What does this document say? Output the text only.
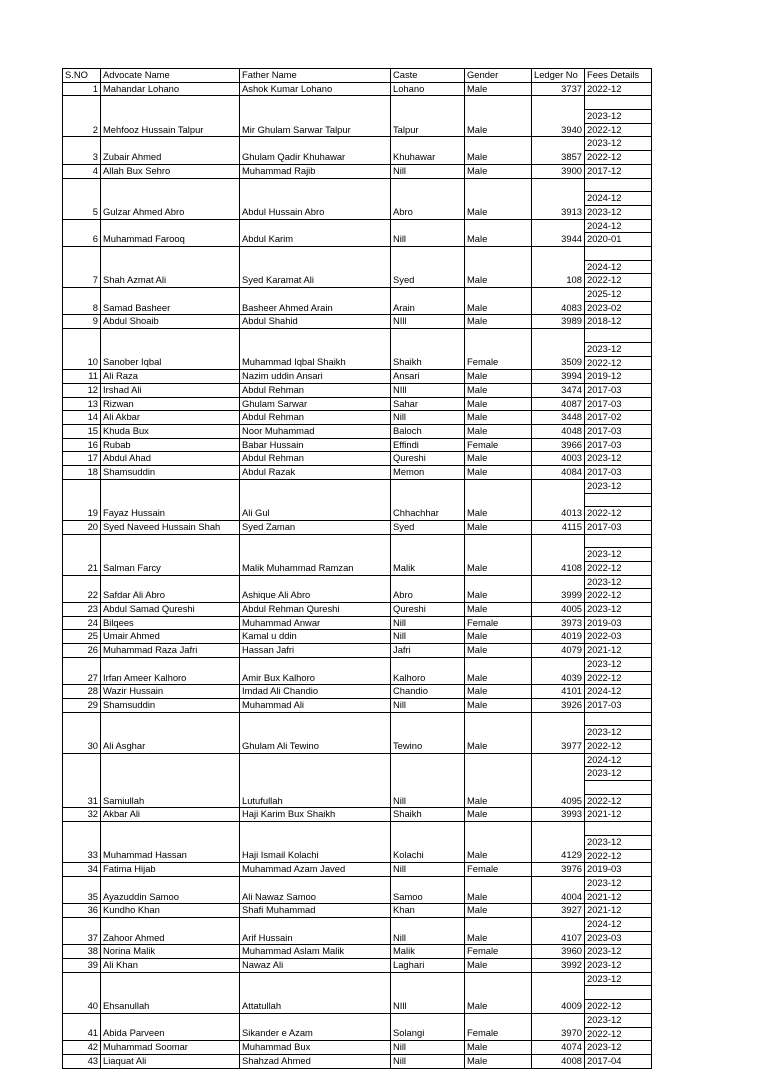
S.NO	Advocate Name	Father Name	Caste	Gender	Ledger No	Fees Details
1	Mahandar Lohano	Ashok Kumar Lohano	Lohano	Male	3737	2022-12

2	Mehfooz Hussain Talpur	Mir Ghulam Sarwar Talpur	Talpur	Male	3940	2023-12
2022-12

3	Zubair Ahmed	Ghulam Qadir Khuhawar	Khuhawar	Male	3857	2023-12
2022-12

4	Allah Bux Sehro	Muhammad Rajib	Nill	Male	3900	2017-12

5	Gulzar Ahmed Abro	Abdul Hussain Abro	Abro	Male	3913	2024-12
2023-12

6	Muhammad Farooq	Abdul Karim	Nill	Male	3944	2024-12
2020-01

7	Shah Azmat Ali	Syed Karamat Ali	Syed	Male	108	2024-12
2022-12

8	Samad Basheer	Basheer Ahmed Arain	Arain	Male	4083	2025-12
2023-02

9	Abdul Shoaib	Abdul Shahid	NIll	Male	3989	2018-12

10	Sanober Iqbal	Muhammad Iqbal Shaikh	Shaikh	Female	3509	2023-12
2022-12

11	Ali Raza	Nazim uddin Ansari	Ansari	Male	3994	2019-12

12	Irshad Ali	Abdul Rehman	NIll	Male	3474	2017-03

13	Rizwan	Ghulam Sarwar	Sahar	Male	4087	2017-03

14	Ali Akbar	Abdul Rehman	Nill	Male	3448	2017-02

15	Khuda Bux	Noor Muhammad	Baloch	Male	4048	2017-03

16	Rubab	Babar Hussain	Effindi	Female	3966	2017-03

17	Abdul Ahad	Abdul Rehman	Qureshi	Male	4003	2023-12

18	Shamsuddin	Abdul Razak	Memon	Male	4084	2017-03

19	Fayaz Hussain	Ali Gul	Chhachhar	Male	4013	2023-12
2022-12

20	Syed Naveed Hussain Shah	Syed Zaman	Syed	Male	4115	2017-03

21	Salman Farcy	Malik Muhammad Ramzan	Malik	Male	4108	2023-12
2022-12

22	Safdar Ali Abro	Ashique Ali Abro	Abro	Male	3999	2023-12
2022-12

23	Abdul Samad Qureshi	Abdul Rehman Qureshi	Qureshi	Male	4005	2023-12

24	Bilqees	Muhammad Anwar	Nill	Female	3973	2019-03

25	Umair Ahmed	Kamal u ddin	Nill	Male	4019	2022-03

26	Muhammad Raza Jafri	Hassan Jafri	Jafri	Male	4079	2021-12

27	Irfan Ameer Kalhoro	Amir Bux Kalhoro	Kalhoro	Male	4039	2023-12
2022-12

28	Wazir Hussain	Imdad Ali Chandio	Chandio	Male	4101	2024-12

29	Shamsuddin	Muhammad Ali	Nill	Male	3926	2017-03

30	Ali Asghar	Ghulam Ali Tewino	Tewino	Male	3977	2023-12
2022-12

31	Samiullah	Lutufullah	Nill	Male	4095	2024-12
2023-12
2022-12

32	Akbar Ali	Haji Karim Bux Shaikh	Shaikh	Male	3993	2021-12

33	Muhammad Hassan	Haji Ismail Kolachi	Kolachi	Male	4129	2023-12
2022-12

34	Fatima Hijab	Muhammad Azam Javed	Nill	Female	3976	2019-03

35	Ayazuddin Samoo	Ali Nawaz Samoo	Samoo	Male	4004	2023-12
2021-12

36	Kundho Khan	Shafi Muhammad	Khan	Male	3927	2021-12

37	Zahoor Ahmed	Arif Hussain	Nill	Male	4107	2024-12
2023-03

38	Norina Malik	Muhammad Aslam Malik	Malik	Female	3960	2023-12

39	Ali Khan	Nawaz Ali	Laghari	Male	3992	2023-12

40	Ehsanullah	Attatullah	NIll	Male	4009	2023-12
2022-12

41	Abida Parveen	Sikander e Azam	Solangi	Female	3970	2023-12
2022-12

42	Muhammad Soomar	Muhammad Bux	Nill	Male	4074	2023-12

43	Liaquat Ali	Shahzad Ahmed	Nill	Male	4008	2017-04
